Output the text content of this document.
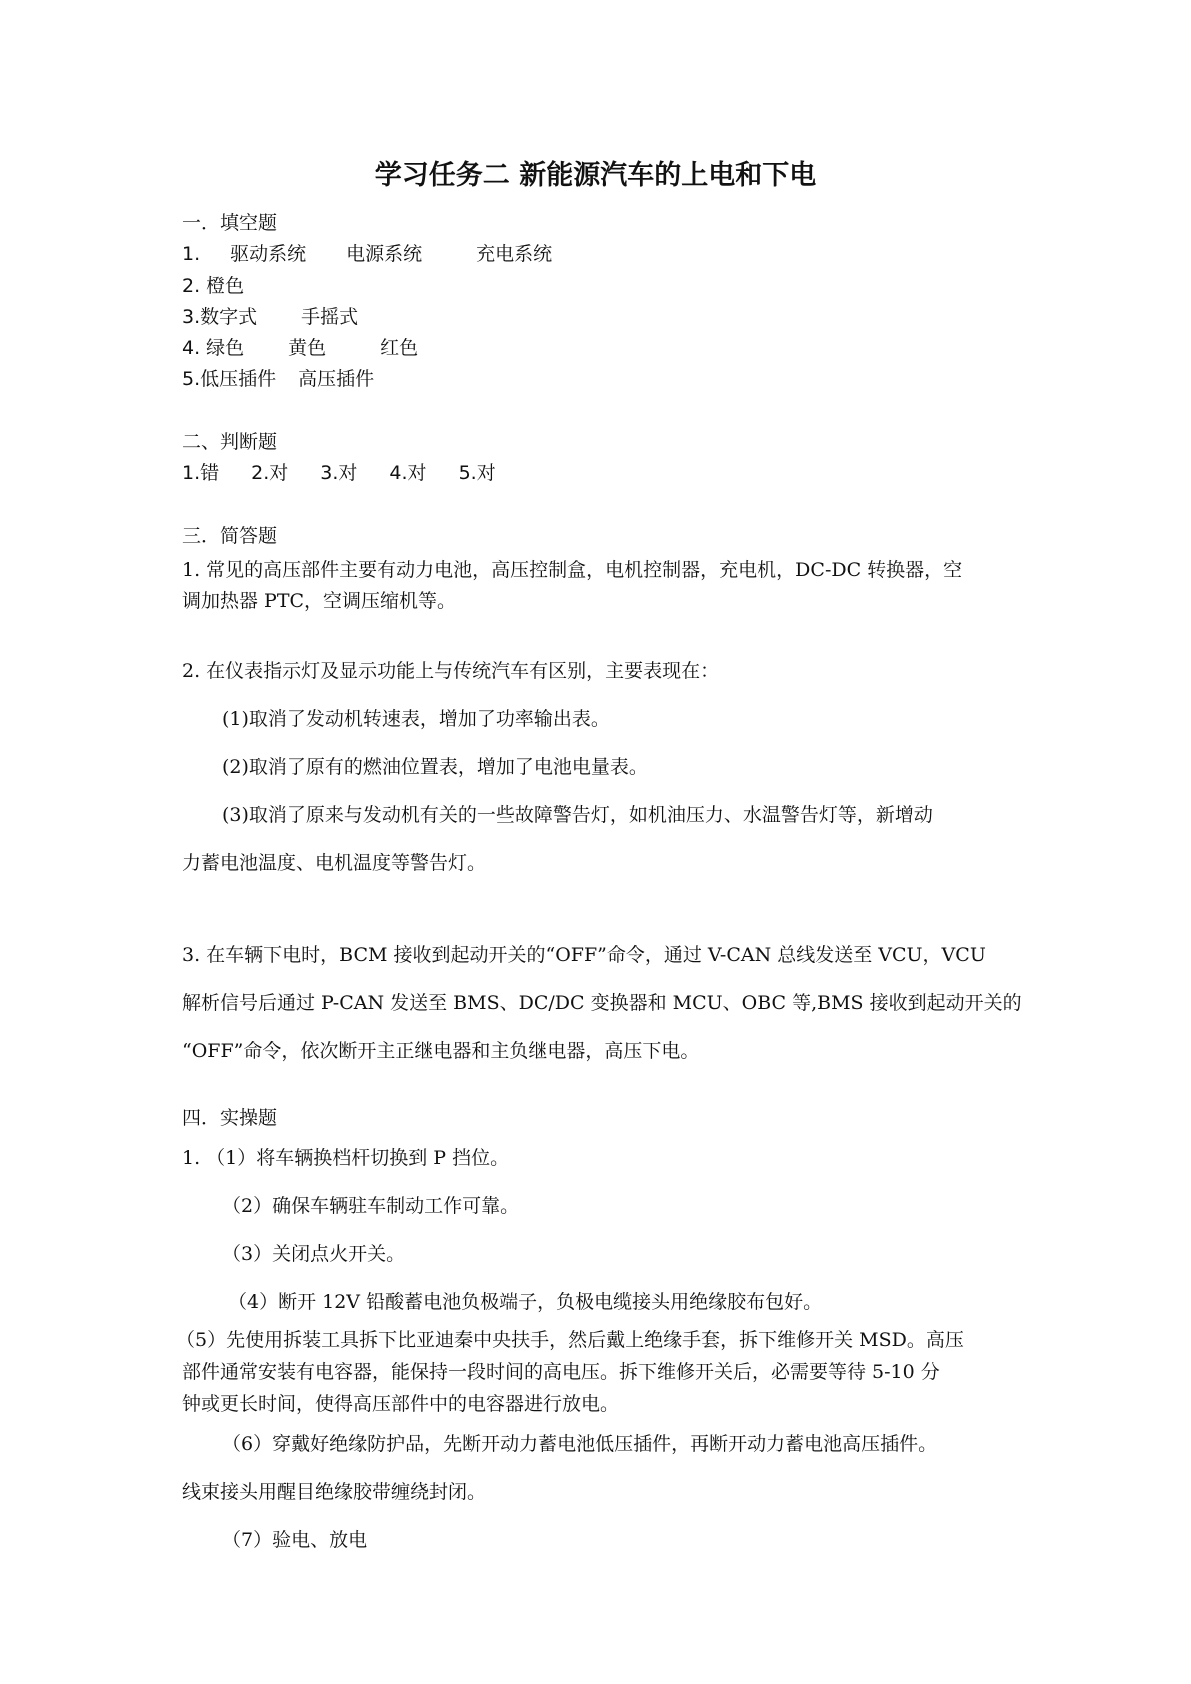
学习任务二 新能源汽车的上电和下电
一．填空题
1. 驱动系统 电源系统	充电系统
2. 橙色
3.数字式 手摇式
4. 绿色 黄色	红色
5.低压插件 高压插件
二、判断题
1.错 2.对 3.对 4.对 5.对
三．简答题
1. 常见的高压部件主要有动力电池，高压控制盒，电机控制器，充电机，DC-DC 转换器，空
调加热器 PTC，空调压缩机等。
2. 在仪表指示灯及显示功能上与传统汽车有区别，主要表现在：
(1)取消了发动机转速表，增加了功率输出表。
(2)取消了原有的燃油位置表，增加了电池电量表。
(3)取消了原来与发动机有关的一些故障警告灯，如机油压力、水温警告灯等，新增动
力蓄电池温度、电机温度等警告灯。
3. 在车辆下电时，BCM 接收到起动开关的“OFF”命令，通过 V-CAN 总线发送至 VCU，VCU
解析信号后通过 P-CAN 发送至 BMS、DC/DC 变换器和 MCU、OBC 等,BMS 接收到起动开关的
“OFF”命令，依次断开主正继电器和主负继电器，高压下电。
四．实操题
1. （1）将车辆换档杆切换到 P 挡位。
（2）确保车辆驻车制动工作可靠。
（3）关闭点火开关。
（4）断开 12V 铅酸蓄电池负极端子，负极电缆接头用绝缘胶布包好。
（5）先使用拆装工具拆下比亚迪秦中央扶手，然后戴上绝缘手套，拆下维修开关 MSD。高压
部件通常安装有电容器，能保持一段时间的高电压。拆下维修开关后，必需要等待 5-10 分
钟或更长时间，使得高压部件中的电容器进行放电。
（6）穿戴好绝缘防护品，先断开动力蓄电池低压插件，再断开动力蓄电池高压插件。
线束接头用醒目绝缘胶带缠绕封闭。
（7）验电、放电
